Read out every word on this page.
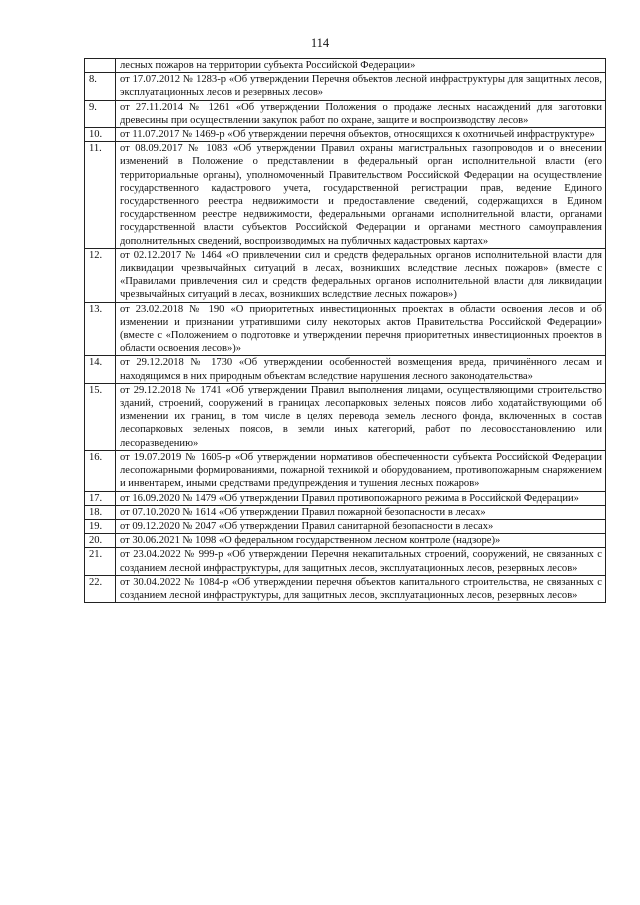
114
	лесных пожаров на территории субъекта Российской Федерации»
8.	от 17.07.2012 № 1283-р «Об утверждении Перечня объектов лесной инфраструктуры для защитных лесов, эксплуатационных лесов и резервных лесов»
9.	от 27.11.2014 № 1261 «Об утверждении Положения о продаже лесных насаждений для заготовки древесины при осуществлении закупок работ по охране, защите и воспроизводству лесов»
10.	от 11.07.2017 № 1469-р «Об утверждении перечня объектов, относящихся к охотничьей инфраструктуре»
11.	от 08.09.2017 № 1083 «Об утверждении Правил охраны магистральных газопроводов и о внесении изменений в Положение о представлении в федеральный орган исполнительной власти (его территориальные органы), уполномоченный Правительством Российской Федерации на осуществление государственного кадастрового учета, государственной регистрации прав, ведение Единого государственного реестра недвижимости и предоставление сведений, содержащихся в Едином государственном реестре недвижимости, федеральными органами исполнительной власти, органами государственной власти субъектов Российской Федерации и органами местного самоуправления дополнительных сведений, воспроизводимых на публичных кадастровых картах»
12.	от 02.12.2017 № 1464 «О привлечении сил и средств федеральных органов исполнительной власти для ликвидации чрезвычайных ситуаций в лесах, возникших вследствие лесных пожаров» (вместе с «Правилами привлечения сил и средств федеральных органов исполнительной власти для ликвидации чрезвычайных ситуаций в лесах, возникших вследствие лесных пожаров»)
13.	от 23.02.2018 № 190 «О приоритетных инвестиционных проектах в области освоения лесов и об изменении и признании утратившими силу некоторых актов Правительства Российской Федерации» (вместе с «Положением о подготовке и утверждении перечня приоритетных инвестиционных проектов в области освоения лесов»)»
14.	от 29.12.2018 № 1730 «Об утверждении особенностей возмещения вреда, причинённого лесам и находящимся в них природным объектам вследствие нарушения лесного законодательства»
15.	от 29.12.2018 № 1741 «Об утверждении Правил выполнения лицами, осуществляющими строительство зданий, строений, сооружений в границах лесопарковых зеленых поясов либо ходатайствующими об изменении их границ, в том числе в целях перевода земель лесного фонда, включенных в состав лесопарковых зеленых поясов, в земли иных категорий, работ по лесовосстановлению или лесоразведению»
16.	от 19.07.2019 № 1605-р «Об утверждении нормативов обеспеченности субъекта Российской Федерации лесопожарными формированиями, пожарной техникой и оборудованием, противопожарным снаряжением и инвентарем, иными средствами предупреждения и тушения лесных пожаров»
17.	от 16.09.2020 № 1479 «Об утверждении Правил противопожарного режима в Российской Федерации»
18.	от 07.10.2020 № 1614 «Об утверждении Правил пожарной безопасности в лесах»
19.	от 09.12.2020 № 2047 «Об утверждении Правил санитарной безопасности в лесах»
20.	от 30.06.2021 № 1098 «О федеральном государственном лесном контроле (надзоре)»
21.	от 23.04.2022 № 999-р «Об утверждении Перечня некапитальных строений, сооружений, не связанных с созданием лесной инфраструктуры, для защитных лесов, эксплуатационных лесов, резервных лесов»
22.	от 30.04.2022 № 1084-р «Об утверждении перечня объектов капитального строительства, не связанных с созданием лесной инфраструктуры, для защитных лесов, эксплуатационных лесов, резервных лесов»
